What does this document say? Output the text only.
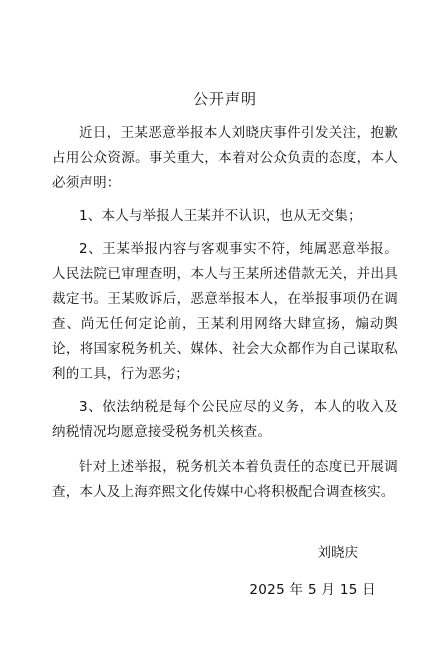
公开声明

近日，王某恶意举报本人刘晓庆事件引发关注，抱歉占用公众资源。事关重大，本着对公众负责的态度，本人必须声明：

1、本人与举报人王某并不认识，也从无交集；

2、王某举报内容与客观事实不符，纯属恶意举报。人民法院已审理查明，本人与王某所述借款无关，并出具裁定书。王某败诉后，恶意举报本人，在举报事项仍在调查、尚无任何定论前，王某利用网络大肆宣扬，煽动舆论，将国家税务机关、媒体、社会大众都作为自己谋取私利的工具，行为恶劣；

3、依法纳税是每个公民应尽的义务，本人的收入及纳税情况均愿意接受税务机关核查。

针对上述举报，税务机关本着负责任的态度已开展调查，本人及上海弈熙文化传媒中心将积极配合调查核实。

刘晓庆

2025 年 5 月 15 日
